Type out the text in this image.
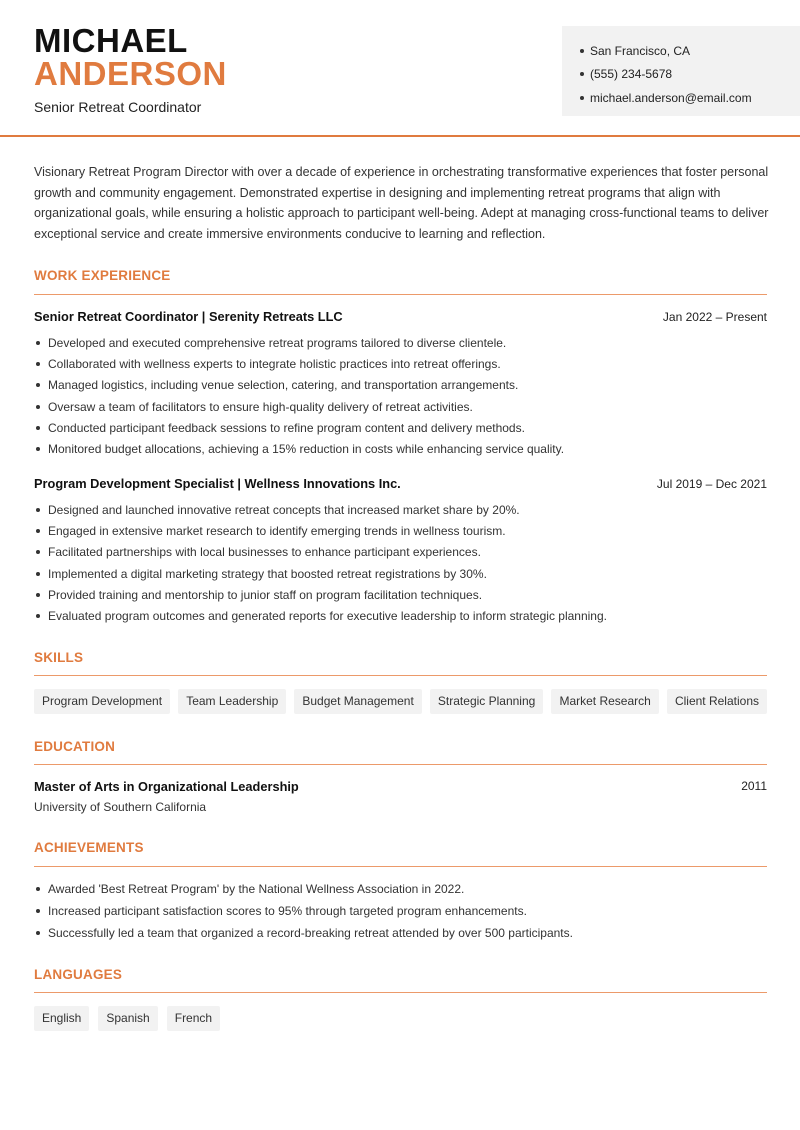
MICHAEL
ANDERSON
Senior Retreat Coordinator
San Francisco, CA
(555) 234-5678
michael.anderson@email.com

Visionary Retreat Program Director with over a decade of experience in orchestrating transformative experiences that foster personal growth and community engagement. Demonstrated expertise in designing and implementing retreat programs that align with organizational goals, while ensuring a holistic approach to participant well-being. Adept at managing cross-functional teams to deliver exceptional service and create immersive environments conducive to learning and reflection.

WORK EXPERIENCE
Senior Retreat Coordinator | Serenity Retreats LLC	Jan 2022 – Present
Developed and executed comprehensive retreat programs tailored to diverse clientele.
Collaborated with wellness experts to integrate holistic practices into retreat offerings.
Managed logistics, including venue selection, catering, and transportation arrangements.
Oversaw a team of facilitators to ensure high-quality delivery of retreat activities.
Conducted participant feedback sessions to refine program content and delivery methods.
Monitored budget allocations, achieving a 15% reduction in costs while enhancing service quality.
Program Development Specialist | Wellness Innovations Inc.	Jul 2019 – Dec 2021
Designed and launched innovative retreat concepts that increased market share by 20%.
Engaged in extensive market research to identify emerging trends in wellness tourism.
Facilitated partnerships with local businesses to enhance participant experiences.
Implemented a digital marketing strategy that boosted retreat registrations by 30%.
Provided training and mentorship to junior staff on program facilitation techniques.
Evaluated program outcomes and generated reports for executive leadership to inform strategic planning.
SKILLS
Program Development	Team Leadership	Budget Management	Strategic Planning	Market Research	Client Relations
EDUCATION
Master of Arts in Organizational Leadership	2011
University of Southern California
ACHIEVEMENTS
Awarded 'Best Retreat Program' by the National Wellness Association in 2022.
Increased participant satisfaction scores to 95% through targeted program enhancements.
Successfully led a team that organized a record-breaking retreat attended by over 500 participants.
LANGUAGES
English	Spanish	French
